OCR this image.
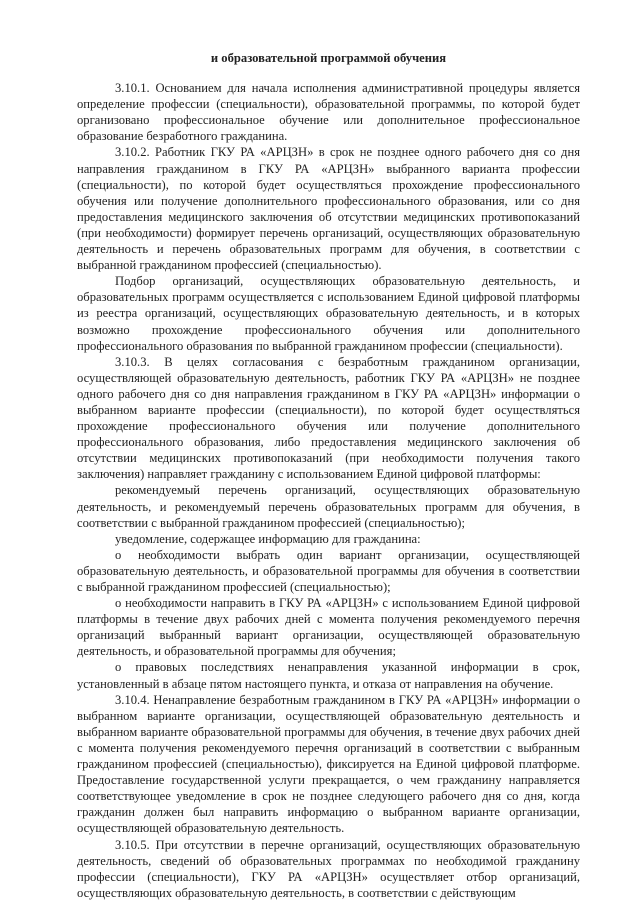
и образовательной программой обучения

3.10.1. Основанием для начала исполнения административной процедуры является определение профессии (специальности), образовательной программы, по которой будет организовано профессиональное обучение или дополнительное профессиональное образование безработного гражданина.

3.10.2. Работник ГКУ РА «АРЦЗН» в срок не позднее одного рабочего дня со дня направления гражданином в ГКУ РА «АРЦЗН» выбранного варианта профессии (специальности), по которой будет осуществляться прохождение профессионального обучения или получение дополнительного профессионального образования, или со дня предоставления медицинского заключения об отсутствии медицинских противопоказаний (при необходимости) формирует перечень организаций, осуществляющих образовательную деятельность и перечень образовательных программ для обучения, в соответствии с выбранной гражданином профессией (специальностью).

Подбор организаций, осуществляющих образовательную деятельность, и образовательных программ осуществляется с использованием Единой цифровой платформы из реестра организаций, осуществляющих образовательную деятельность, и в которых возможно прохождение профессионального обучения или дополнительного профессионального образования по выбранной гражданином профессии (специальности).

3.10.3. В целях согласования с безработным гражданином организации, осуществляющей образовательную деятельность, работник ГКУ РА «АРЦЗН» не позднее одного рабочего дня со дня направления гражданином в ГКУ РА «АРЦЗН» информации о выбранном варианте профессии (специальности), по которой будет осуществляться прохождение профессионального обучения или получение дополнительного профессионального образования, либо предоставления медицинского заключения об отсутствии медицинских противопоказаний (при необходимости получения такого заключения) направляет гражданину с использованием Единой цифровой платформы:

рекомендуемый перечень организаций, осуществляющих образовательную деятельность, и рекомендуемый перечень образовательных программ для обучения, в соответствии с выбранной гражданином профессией (специальностью);

уведомление, содержащее информацию для гражданина:

о необходимости выбрать один вариант организации, осуществляющей образовательную деятельность, и образовательной программы для обучения в соответствии с выбранной гражданином профессией (специальностью);

о необходимости направить в ГКУ РА «АРЦЗН» с использованием Единой цифровой платформы в течение двух рабочих дней с момента получения рекомендуемого перечня организаций выбранный вариант организации, осуществляющей образовательную деятельность, и образовательной программы для обучения;

о правовых последствиях ненаправления указанной информации в срок, установленный в абзаце пятом настоящего пункта, и отказа от направления на обучение.

3.10.4. Ненаправление безработным гражданином в ГКУ РА «АРЦЗН» информации о выбранном варианте организации, осуществляющей образовательную деятельность и выбранном варианте образовательной программы для обучения, в течение двух рабочих дней с момента получения рекомендуемого перечня организаций в соответствии с выбранным гражданином профессией (специальностью), фиксируется на Единой цифровой платформе. Предоставление государственной услуги прекращается, о чем гражданину направляется соответствующее уведомление в срок не позднее следующего рабочего дня со дня, когда гражданин должен был направить информацию о выбранном варианте организации, осуществляющей образовательную деятельность.

3.10.5. При отсутствии в перечне организаций, осуществляющих образовательную деятельность, сведений об образовательных программах по необходимой гражданину профессии (специальности), ГКУ РА «АРЦЗН» осуществляет отбор организаций, осуществляющих образовательную деятельность, в соответствии с действующим
